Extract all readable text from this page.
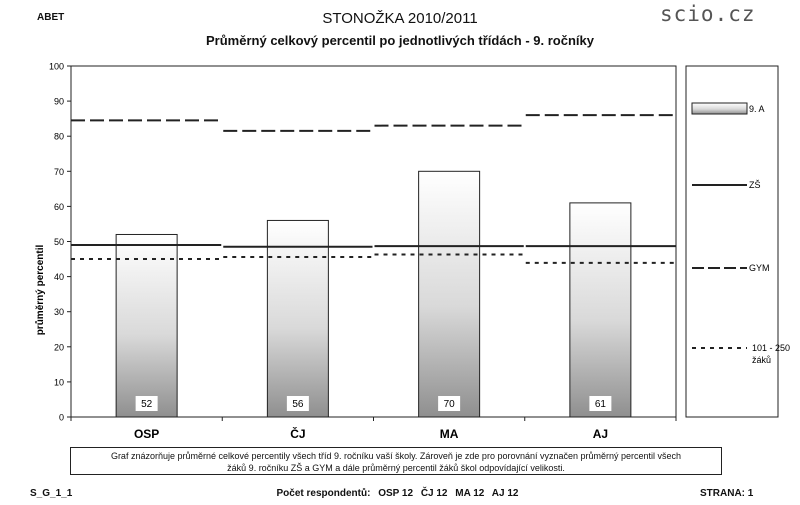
ABET	STONOŽKA 2010/2011
Průměrný celkový percentil po jednotlivých třídách - 9. ročníky
scio.cz
0
10
20
30
40
50
60
70
80
90
100
52	56	70	61
OSP	ČJ	MA	AJ
průměrný percentil
9. A
ZŠ
GYM
101 - 250
žáků
Graf znázorňuje průměrné celkové percentily všech tříd 9. ročníku vaší školy. Zároveň je zde pro porovnání vyznačen průměrný percentil všech
žáků 9. ročníku ZŠ a GYM a dále průměrný percentil žáků škol odpovídající velikosti.
S_G_1_1	Počet respondentů: OSP 12 ČJ 12 MA 12 AJ 12	STRANA: 1
